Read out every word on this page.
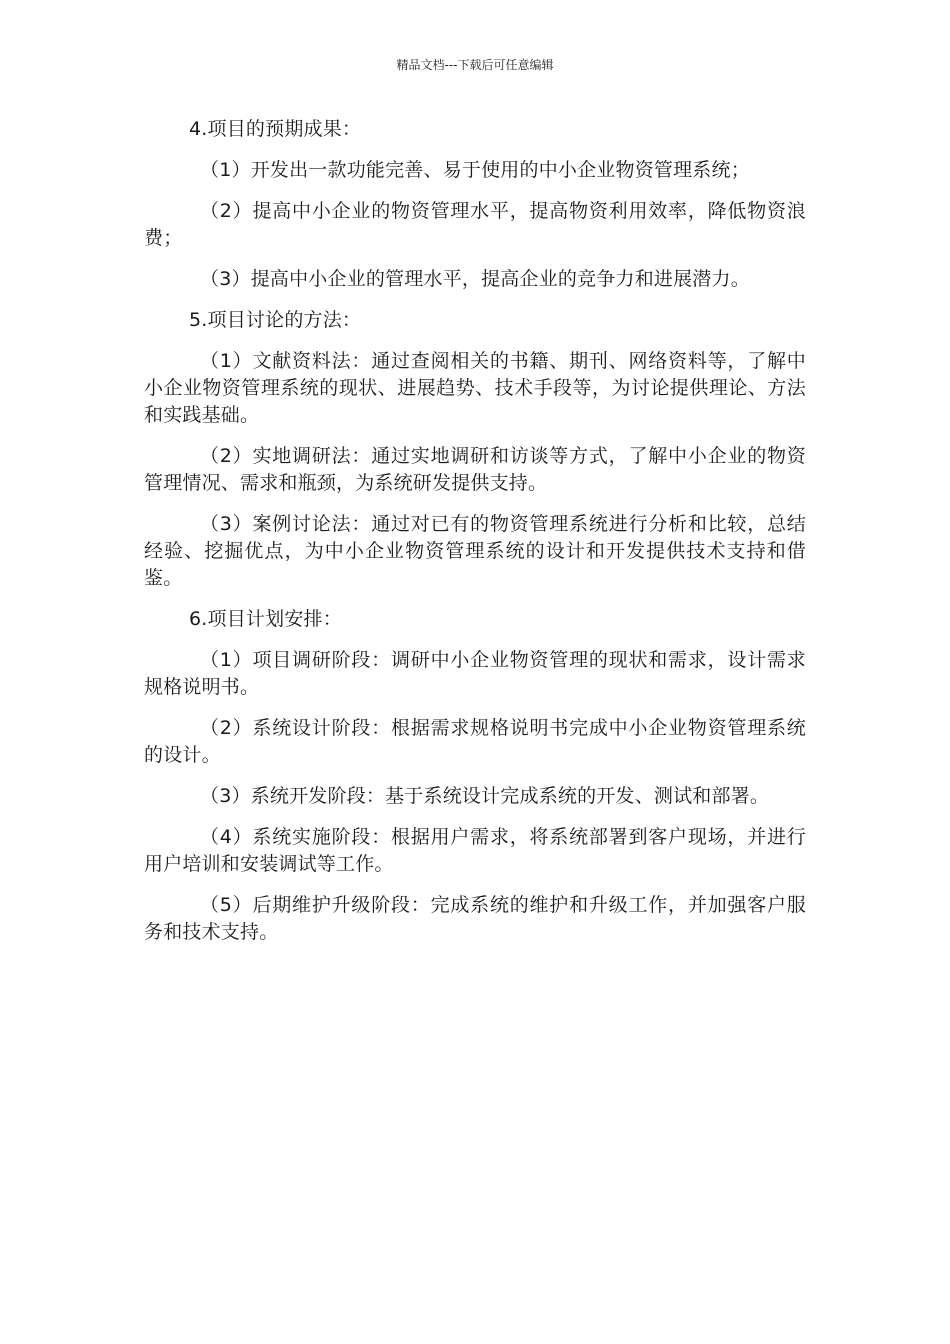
精品文档---下载后可任意编辑

4.项目的预期成果：

（1）开发出一款功能完善、易于使用的中小企业物资管理系统；

（2）提高中小企业的物资管理水平，提高物资利用效率，降低物资浪费；

（3）提高中小企业的管理水平，提高企业的竞争力和进展潜力。

5.项目讨论的方法：

（1）文献资料法：通过查阅相关的书籍、期刊、网络资料等，了解中小企业物资管理系统的现状、进展趋势、技术手段等，为讨论提供理论、方法和实践基础。

（2）实地调研法：通过实地调研和访谈等方式，了解中小企业的物资管理情况、需求和瓶颈，为系统研发提供支持。

（3）案例讨论法：通过对已有的物资管理系统进行分析和比较，总结经验、挖掘优点，为中小企业物资管理系统的设计和开发提供技术支持和借鉴。

6.项目计划安排：

（1）项目调研阶段：调研中小企业物资管理的现状和需求，设计需求规格说明书。

（2）系统设计阶段：根据需求规格说明书完成中小企业物资管理系统的设计。

（3）系统开发阶段：基于系统设计完成系统的开发、测试和部署。

（4）系统实施阶段：根据用户需求，将系统部署到客户现场，并进行用户培训和安装调试等工作。

（5）后期维护升级阶段：完成系统的维护和升级工作，并加强客户服务和技术支持。
